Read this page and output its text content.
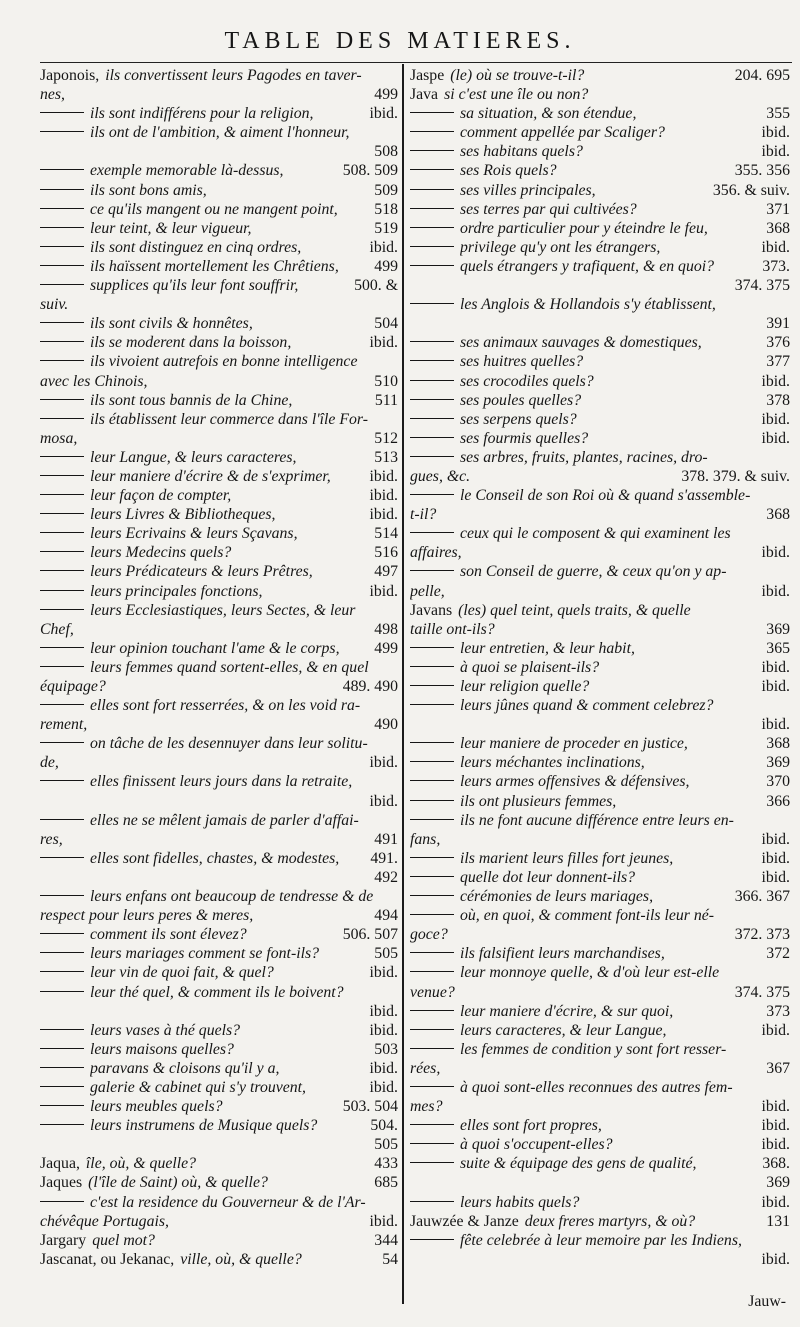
TABLE DES MATIERES.
Japonois, ils convertissent leurs Pagodes en taver-
nes,	499
ils sont indifférens pour la religion,	ibid.
ils ont de l'ambition, & aiment l'honneur,
508
exemple memorable là-dessus,	508. 509
ils sont bons amis,	509
ce qu'ils mangent ou ne mangent point,	518
leur teint, & leur vigueur,	519
ils sont distinguez en cinq ordres,	ibid.
ils haïssent mortellement les Chrêtiens,	499
supplices qu'ils leur font souffrir,	500. &
suiv.
ils sont civils & honnêtes,	504
ils se moderent dans la boisson,	ibid.
ils vivoient autrefois en bonne intelligence
avec les Chinois,	510
ils sont tous bannis de la Chine,	511
ils établissent leur commerce dans l'île For-
mosa,	512
leur Langue, & leurs caracteres,	513
leur maniere d'écrire & de s'exprimer,	ibid.
leur façon de compter,	ibid.
leurs Livres & Bibliotheques,	ibid.
leurs Ecrivains & leurs Sçavans,	514
leurs Medecins quels?	516
leurs Prédicateurs & leurs Prêtres,	497
leurs principales fonctions,	ibid.
leurs Ecclesiastiques, leurs Sectes, & leur
Chef,	498
leur opinion touchant l'ame & le corps,	499
leurs femmes quand sortent-elles, & en quel
équipage?	489. 490
elles sont fort resserrées, & on les void ra-
rement,	490
on tâche de les desennuyer dans leur solitu-
de,	ibid.
elles finissent leurs jours dans la retraite,
ibid.
elles ne se mêlent jamais de parler d'affai-
res,	491
elles sont fidelles, chastes, & modestes,	491.
492
leurs enfans ont beaucoup de tendresse & de
respect pour leurs peres & meres,	494
comment ils sont élevez?	506. 507
leurs mariages comment se font-ils?	505
leur vin de quoi fait, & quel?	ibid.
leur thé quel, & comment ils le boivent?
ibid.
leurs vases à thé quels?	ibid.
leurs maisons quelles?	503
paravans & cloisons qu'il y a,	ibid.
galerie & cabinet qui s'y trouvent,	ibid.
leurs meubles quels?	503. 504
leurs instrumens de Musique quels?	504.
505
Jaqua, île, où, & quelle?	433
Jaques (l'île de Saint) où, & quelle?	685
c'est la residence du Gouverneur & de l'Ar-
chévêque Portugais,	ibid.
Jargary quel mot?	344
Jascanat, ou Jekanac, ville, où, & quelle?	54
Jaspe (le) où se trouve-t-il?	204. 695
Java si c'est une île ou non?
sa situation, & son étendue,	355
comment appellée par Scaliger?	ibid.
ses habitans quels?	ibid.
ses Rois quels?	355. 356
ses villes principales,	356. & suiv.
ses terres par qui cultivées?	371
ordre particulier pour y éteindre le feu,	368
privilege qu'y ont les étrangers,	ibid.
quels étrangers y trafiquent, & en quoi?	373.
374. 375
les Anglois & Hollandois s'y établissent,
391
ses animaux sauvages & domestiques,	376
ses huitres quelles?	377
ses crocodiles quels?	ibid.
ses poules quelles?	378
ses serpens quels?	ibid.
ses fourmis quelles?	ibid.
ses arbres, fruits, plantes, racines, dro-
gues, &c.	378. 379. & suiv.
le Conseil de son Roi où & quand s'assemble-
t-il?	368
ceux qui le composent & qui examinent les
affaires,	ibid.
son Conseil de guerre, & ceux qu'on y ap-
pelle,	ibid.
Javans (les) quel teint, quels traits, & quelle
taille ont-ils?	369
leur entretien, & leur habit,	365
à quoi se plaisent-ils?	ibid.
leur religion quelle?	ibid.
leurs jûnes quand & comment celebrez?
ibid.
leur maniere de proceder en justice,	368
leurs méchantes inclinations,	369
leurs armes offensives & défensives,	370
ils ont plusieurs femmes,	366
ils ne font aucune différence entre leurs en-
fans,	ibid.
ils marient leurs filles fort jeunes,	ibid.
quelle dot leur donnent-ils?	ibid.
cérémonies de leurs mariages,	366. 367
où, en quoi, & comment font-ils leur né-
goce?	372. 373
ils falsifient leurs marchandises,	372
leur monnoye quelle, & d'où leur est-elle
venue?	374. 375
leur maniere d'écrire, & sur quoi,	373
leurs caracteres, & leur Langue,	ibid.
les femmes de condition y sont fort resser-
rées,	367
à quoi sont-elles reconnues des autres fem-
mes?	ibid.
elles sont fort propres,	ibid.
à quoi s'occupent-elles?	ibid.
suite & équipage des gens de qualité,	368.
369
leurs habits quels?	ibid.
Jauwzée & Janze deux freres martyrs, & où?	131
fête celebrée à leur memoire par les Indiens,
ibid.
Jauw-
